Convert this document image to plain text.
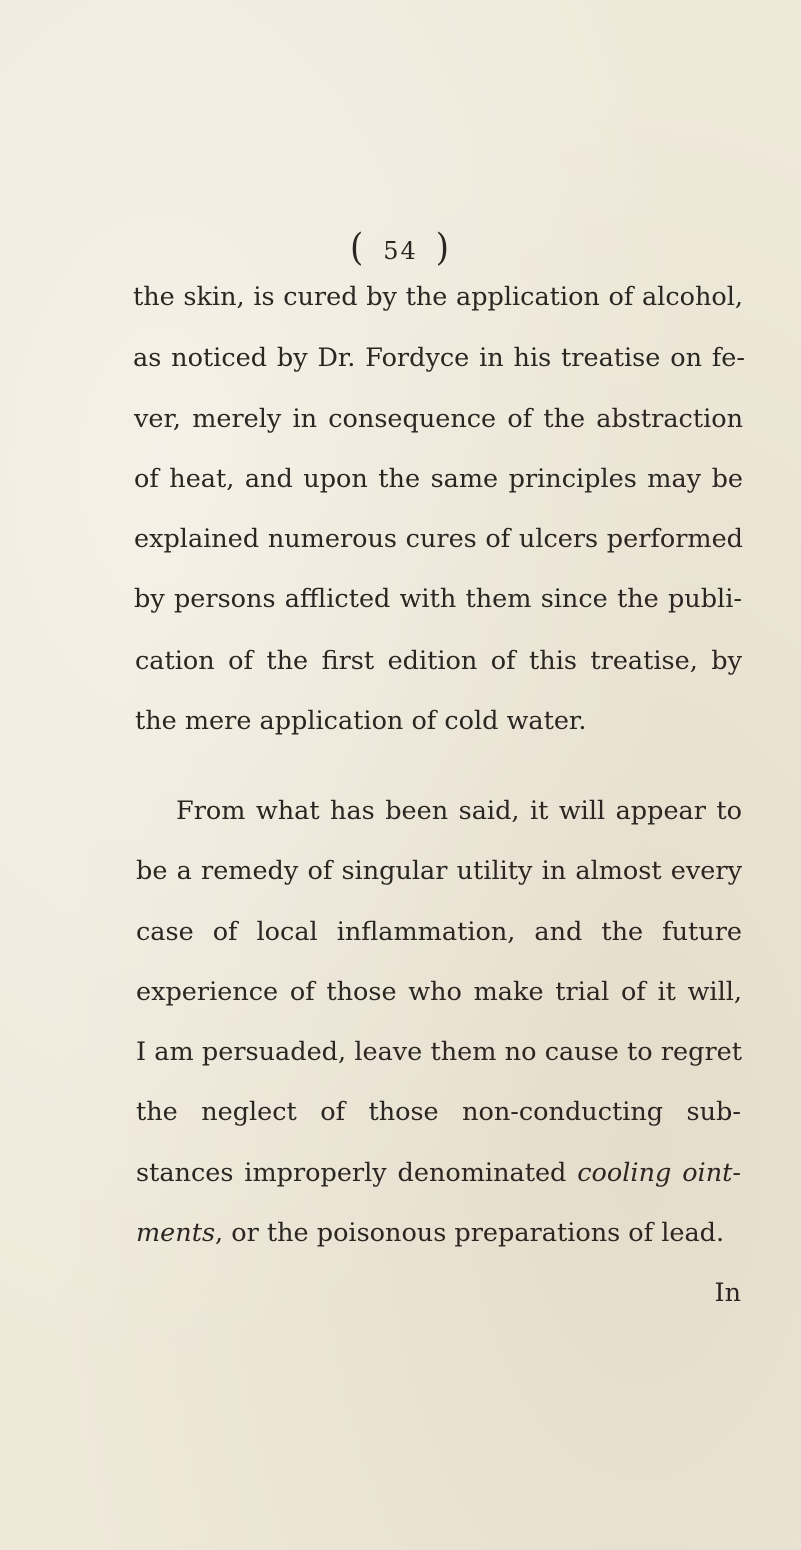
( 54 )
the skin, is cured by the application of alcohol,
as noticed by Dr. Fordyce in his treatise on fe-
ver, merely in consequence of the abstraction
of heat, and upon the same principles may be
explained numerous cures of ulcers performed
by persons afflicted with them since the publi-
cation of the first edition of this treatise, by
the mere application of cold water.
From what has been said, it will appear to
be a remedy of singular utility in almost every
case of local inflammation, and the future
experience of those who make trial of it will,
I am persuaded, leave them no cause to regret
the neglect of those non-conducting sub-
stances improperly denominated cooling oint-
ments, or the poisonous preparations of lead.
In
